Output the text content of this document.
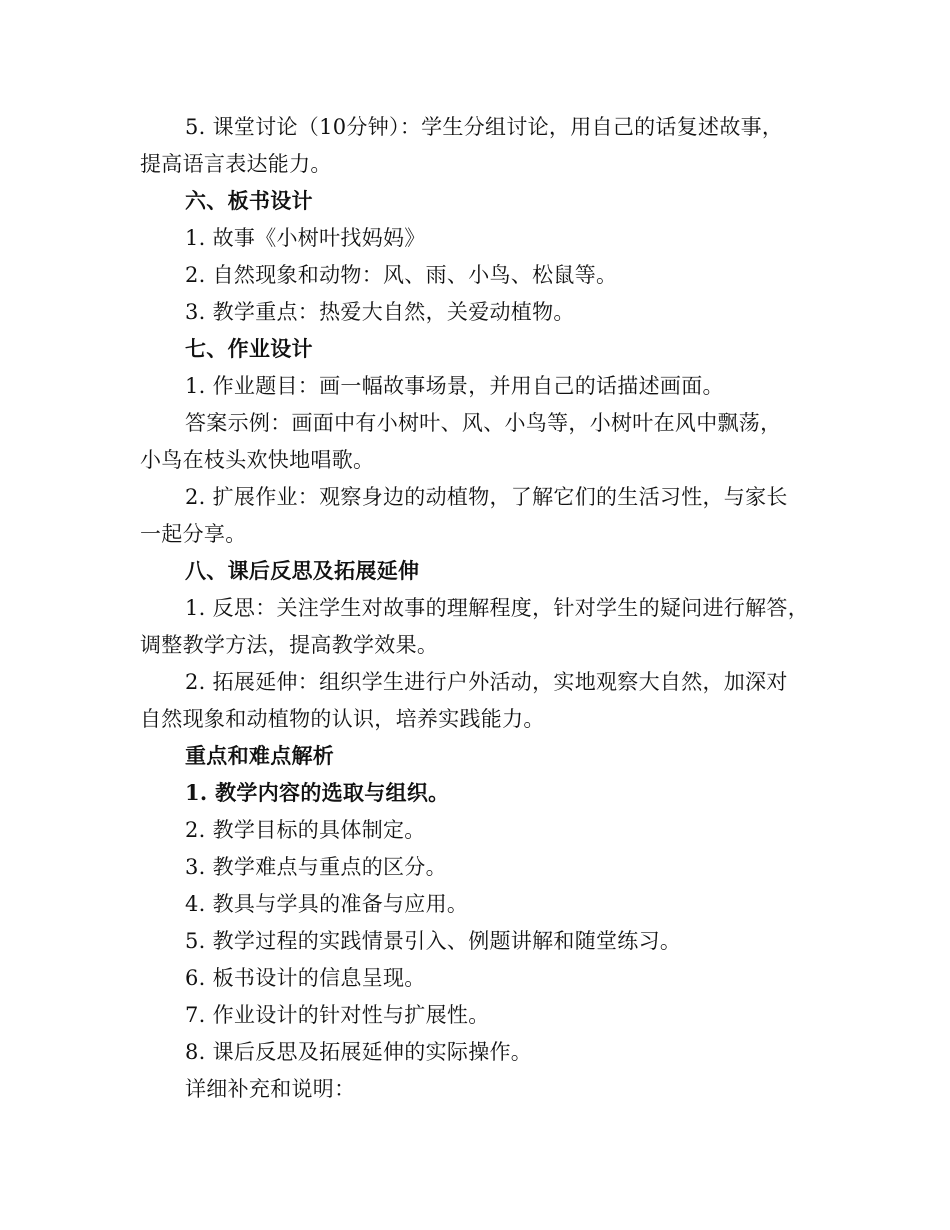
5. 课堂讨论（10分钟）：学生分组讨论，用自己的话复述故事，
提高语言表达能力。
六、板书设计
1. 故事《小树叶找妈妈》
2. 自然现象和动物：风、雨、小鸟、松鼠等。
3. 教学重点：热爱大自然，关爱动植物。
七、作业设计
1. 作业题目：画一幅故事场景，并用自己的话描述画面。
答案示例：画面中有小树叶、风、小鸟等，小树叶在风中飘荡，
小鸟在枝头欢快地唱歌。
2. 扩展作业：观察身边的动植物，了解它们的生活习性，与家长
一起分享。
八、课后反思及拓展延伸
1. 反思：关注学生对故事的理解程度，针对学生的疑问进行解答，
调整教学方法，提高教学效果。
2. 拓展延伸：组织学生进行户外活动，实地观察大自然，加深对
自然现象和动植物的认识，培养实践能力。
重点和难点解析
1. 教学内容的选取与组织。
2. 教学目标的具体制定。
3. 教学难点与重点的区分。
4. 教具与学具的准备与应用。
5. 教学过程的实践情景引入、例题讲解和随堂练习。
6. 板书设计的信息呈现。
7. 作业设计的针对性与扩展性。
8. 课后反思及拓展延伸的实际操作。
详细补充和说明：
